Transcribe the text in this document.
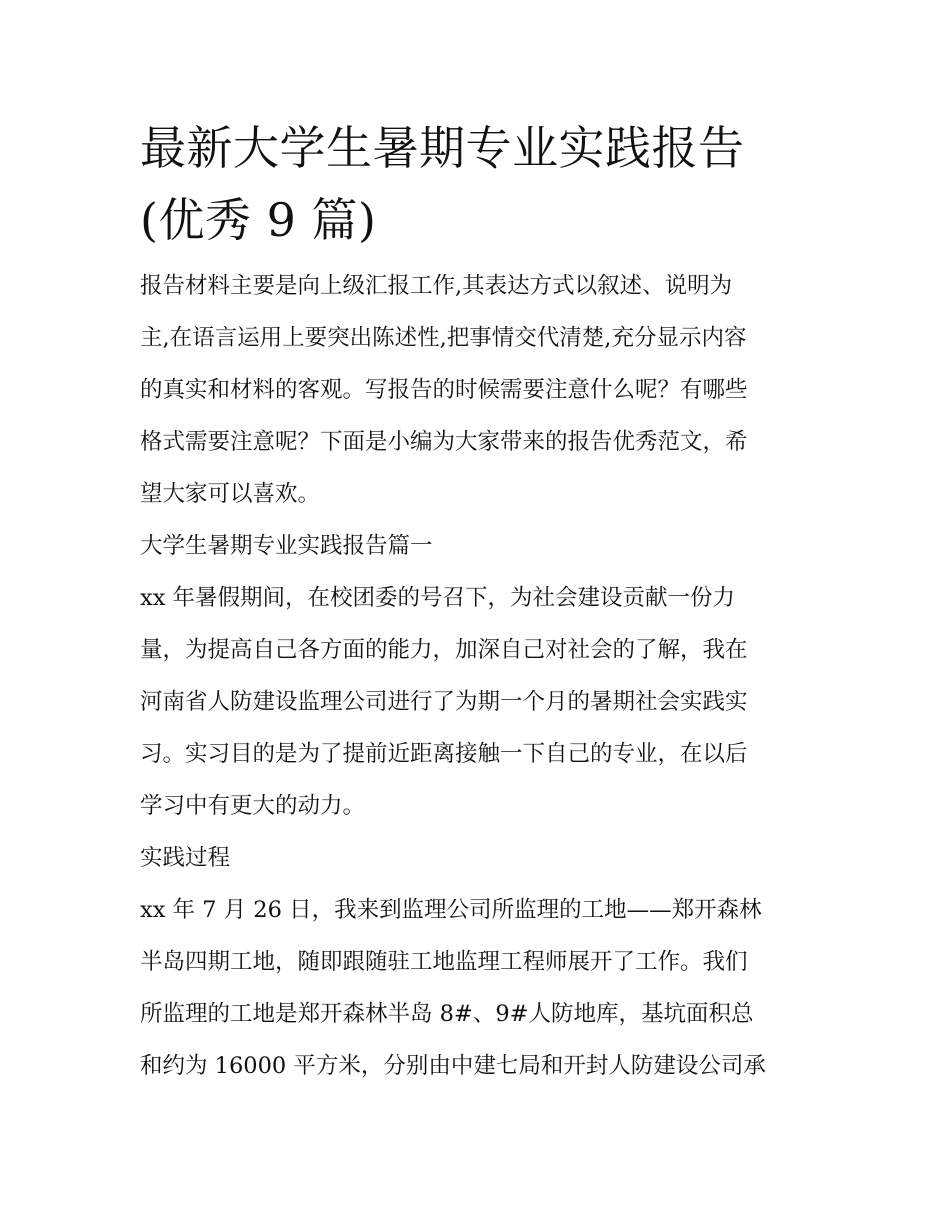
最新大学生暑期专业实践报告
(优秀 9 篇)
报告材料主要是向上级汇报工作,其表达方式以叙述、说明为
主,在语言运用上要突出陈述性,把事情交代清楚,充分显示内容
的真实和材料的客观。写报告的时候需要注意什么呢？有哪些
格式需要注意呢？下面是小编为大家带来的报告优秀范文，希
望大家可以喜欢。
大学生暑期专业实践报告篇一
xx 年暑假期间，在校团委的号召下，为社会建设贡献一份力
量，为提高自己各方面的能力，加深自己对社会的了解，我在
河南省人防建设监理公司进行了为期一个月的暑期社会实践实
习。实习目的是为了提前近距离接触一下自己的专业，在以后
学习中有更大的动力。
实践过程
xx 年 7 月 26 日，我来到监理公司所监理的工地——郑开森林
半岛四期工地，随即跟随驻工地监理工程师展开了工作。我们
所监理的工地是郑开森林半岛 8#、9#人防地库，基坑面积总
和约为 16000 平方米，分别由中建七局和开封人防建设公司承
